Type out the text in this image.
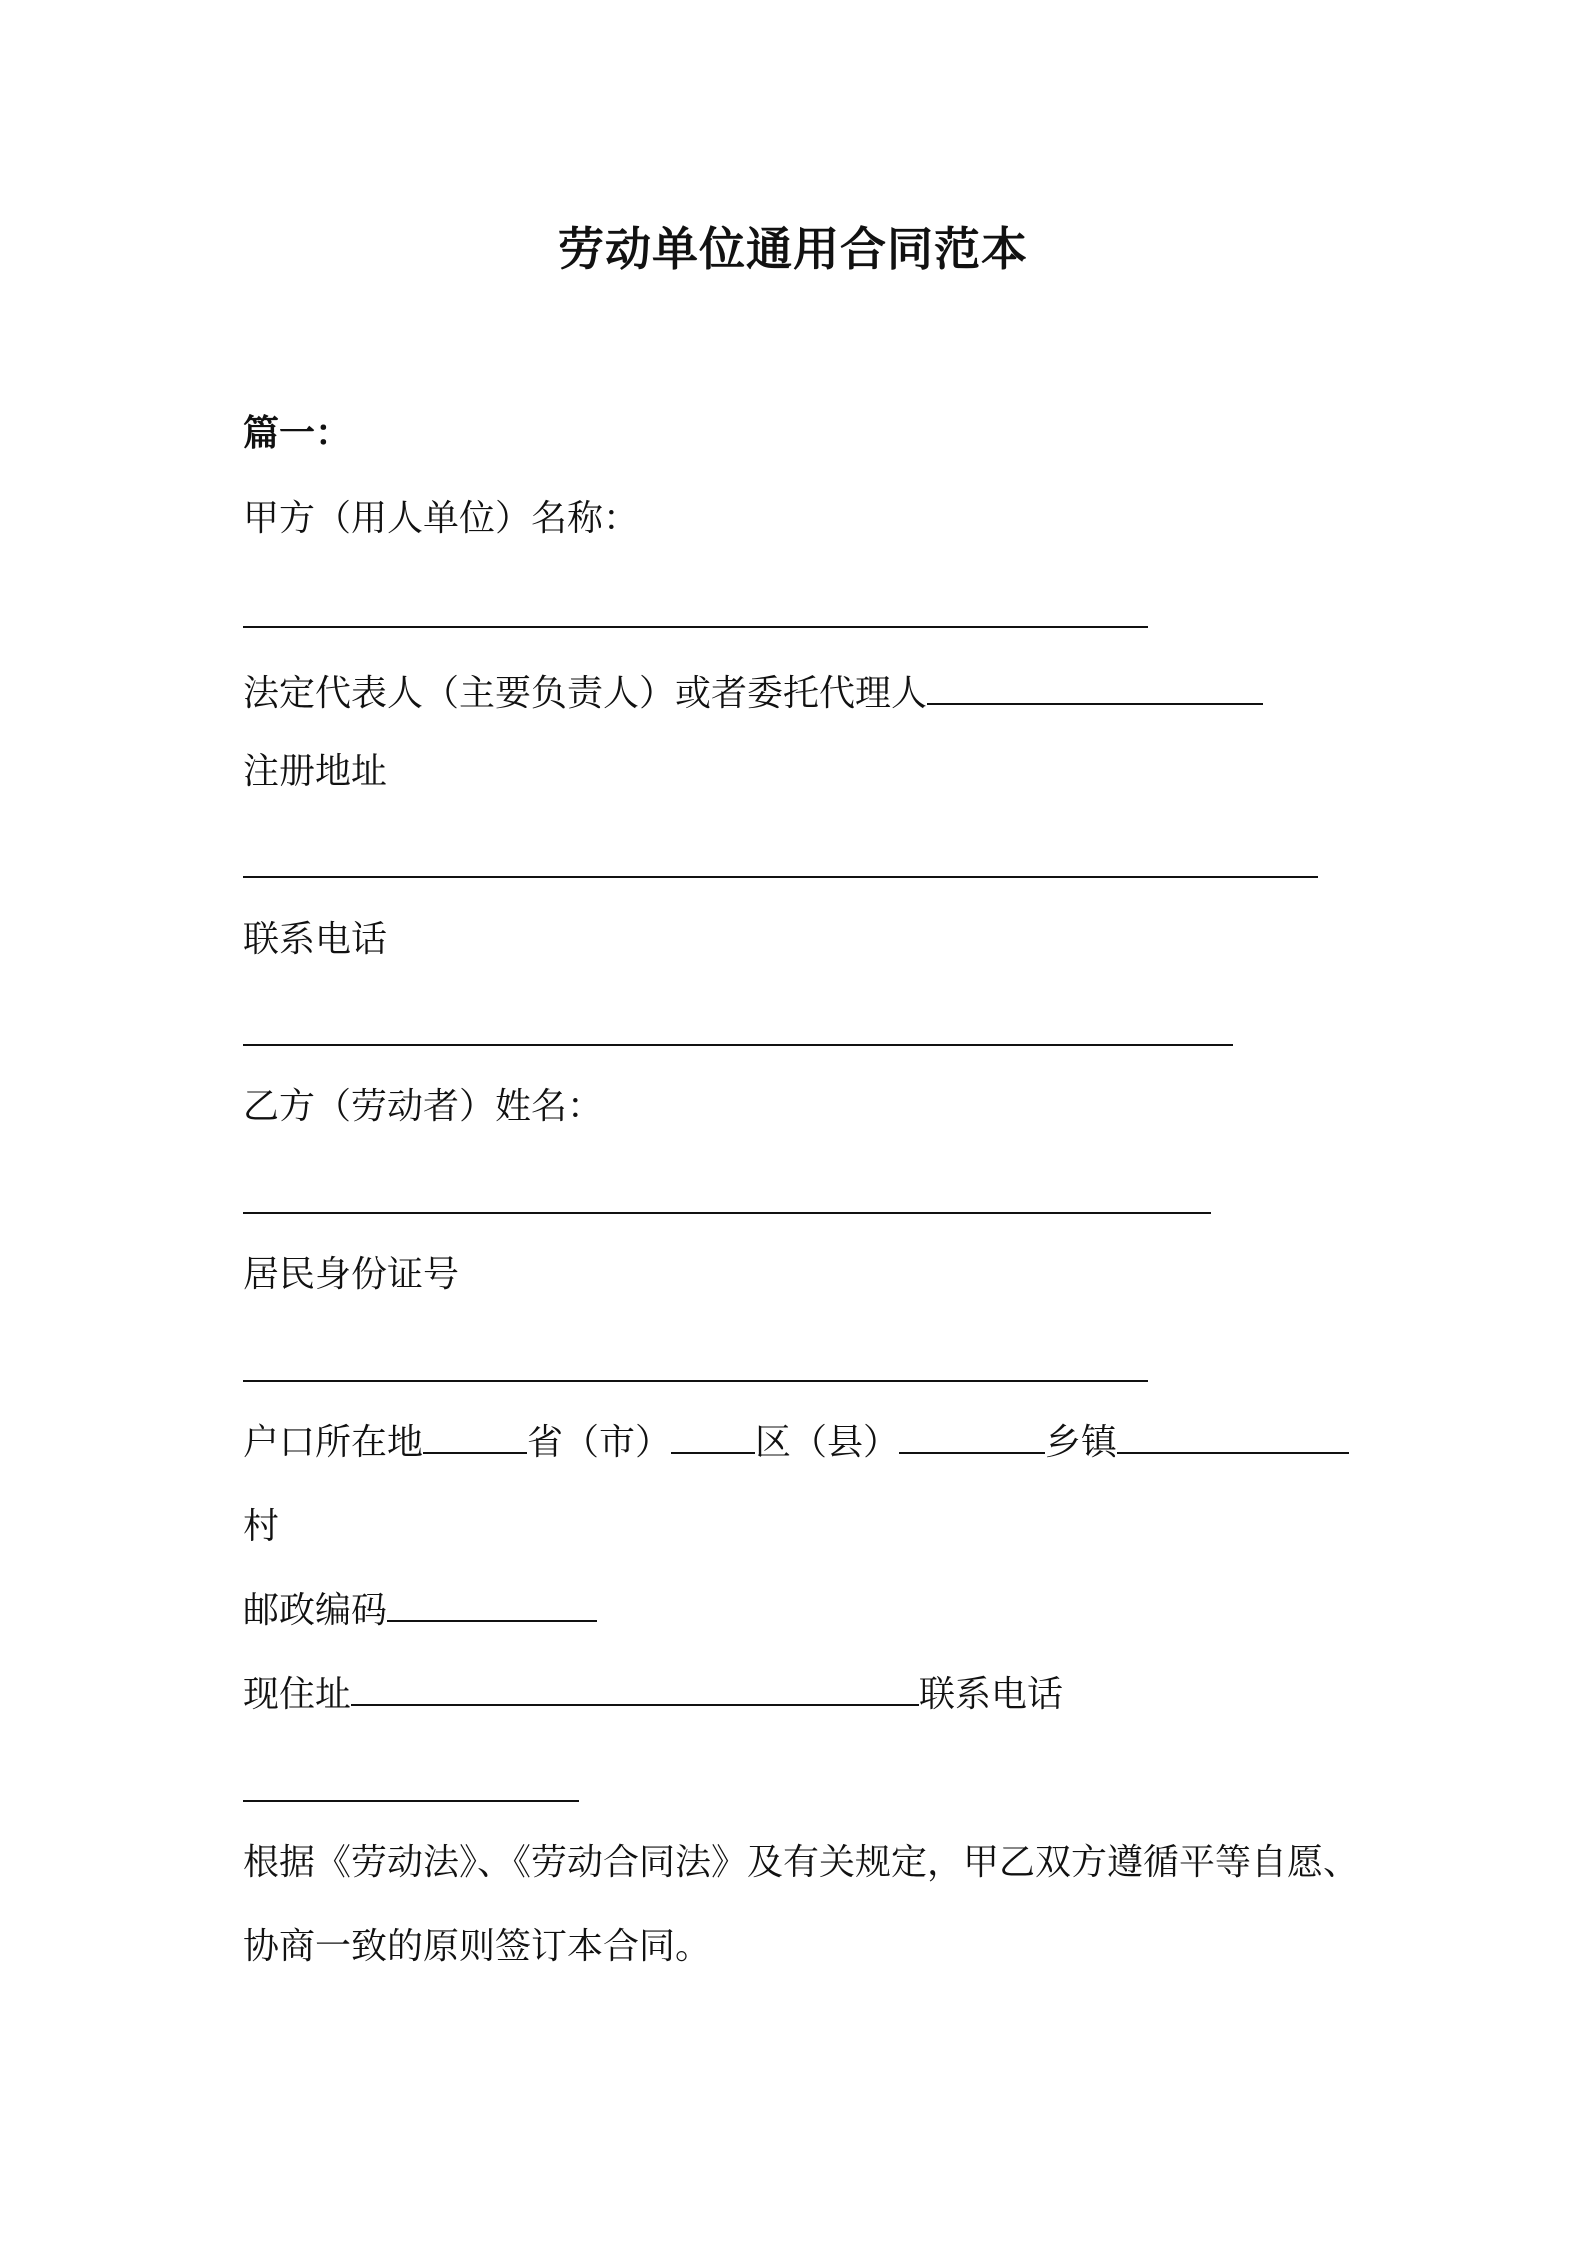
劳动单位通用合同范本
篇一：
甲方（用人单位）名称：
法定代表人（主要负责人）或者委托代理人
注册地址
联系电话
乙方（劳动者）姓名：
居民身份证号
户口所在地	省（市） 区（县）	乡镇
村
邮政编码
现住址	联系电话
根据《劳动法》、《劳动合同法》及有关规定，甲乙双方遵循平等自愿、
协商一致的原则签订本合同。
